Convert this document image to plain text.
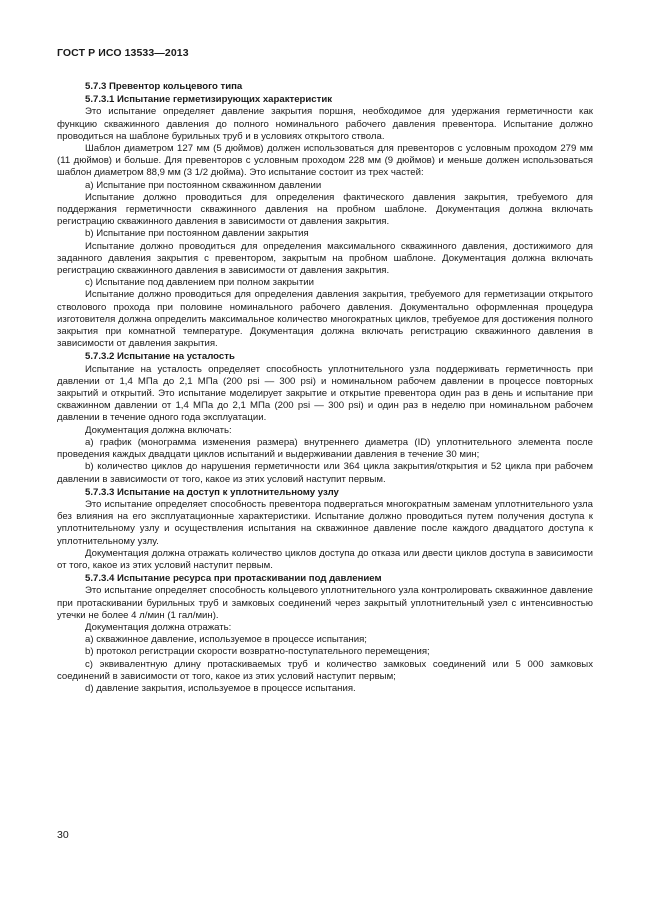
ГОСТ Р ИСО 13533—2013

5.7.3 Превентор кольцевого типа

5.7.3.1 Испытание герметизирующих характеристик

Это испытание определяет давление закрытия поршня, необходимое для удержания герметичности как функцию скважинного давления до полного номинального рабочего давления превентора. Испытание должно проводиться на шаблоне бурильных труб и в условиях открытого ствола.

Шаблон диаметром 127 мм (5 дюймов) должен использоваться для превенторов с условным проходом 279 мм (11 дюймов) и больше. Для превенторов с условным проходом 228 мм (9 дюймов) и меньше должен использоваться шаблон диаметром 88,9 мм (3 1/2 дюйма). Это испытание состоит из трех частей:

а) Испытание при постоянном скважинном давлении

Испытание должно проводиться для определения фактического давления закрытия, требуемого для поддержания герметичности скважинного давления на пробном шаблоне. Документация должна включать регистрацию скважинного давления в зависимости от давления закрытия.

b) Испытание при постоянном давлении закрытия

Испытание должно проводиться для определения максимального скважинного давления, достижимого для заданного давления закрытия с превентором, закрытым на пробном шаблоне. Документация должна включать регистрацию скважинного давления в зависимости от давления закрытия.

с) Испытание под давлением при полном закрытии

Испытание должно проводиться для определения давления закрытия, требуемого для герметизации открытого стволового прохода при половине номинального рабочего давления. Документально оформленная процедура изготовителя должна определить максимальное количество многократных циклов, требуемое для достижения полного закрытия при комнатной температуре. Документация должна включать регистрацию скважинного давления в зависимости от давления закрытия.

5.7.3.2 Испытание на усталость

Испытание на усталость определяет способность уплотнительного узла поддерживать герметичность при давлении от 1,4 МПа до 2,1 МПа (200 psi — 300 psi) и номинальном рабочем давлении в процессе повторных закрытий и открытий. Это испытание моделирует закрытие и открытие превентора один раз в день и испытание при скважинном давлении от 1,4 МПа до 2,1 МПа (200 psi — 300 psi) и один раз в неделю при номинальном рабочем давлении в течение одного года эксплуатации.

Документация должна включать:

а) график (монограмма изменения размера) внутреннего диаметра (ID) уплотнительного элемента после проведения каждых двадцати циклов испытаний и выдерживании давления в течение 30 мин;

b) количество циклов до нарушения герметичности или 364 цикла закрытия/открытия и 52 цикла при рабочем давлении в зависимости от того, какое из этих условий наступит первым.

5.7.3.3 Испытание на доступ к уплотнительному узлу

Это испытание определяет способность превентора подвергаться многократным заменам уплотнительного узла без влияния на его эксплуатационные характеристики. Испытание должно проводиться путем получения доступа к уплотнительному узлу и осуществления испытания на скважинное давление после каждого двадцатого доступа к уплотнительному узлу.

Документация должна отражать количество циклов доступа до отказа или двести циклов доступа в зависимости от того, какое из этих условий наступит первым.

5.7.3.4 Испытание ресурса при протаскивании под давлением

Это испытание определяет способность кольцевого уплотнительного узла контролировать скважинное давление при протаскивании бурильных труб и замковых соединений через закрытый уплотнительный узел с интенсивностью утечки не более 4 л/мин (1 гал/мин).

Документация должна отражать:

а) скважинное давление, используемое в процессе испытания;

b) протокол регистрации скорости возвратно-поступательного перемещения;

с) эквивалентную длину протаскиваемых труб и количество замковых соединений или 5 000 замковых соединений в зависимости от того, какое из этих условий наступит первым;

d) давление закрытия, используемое в процессе испытания.

30
